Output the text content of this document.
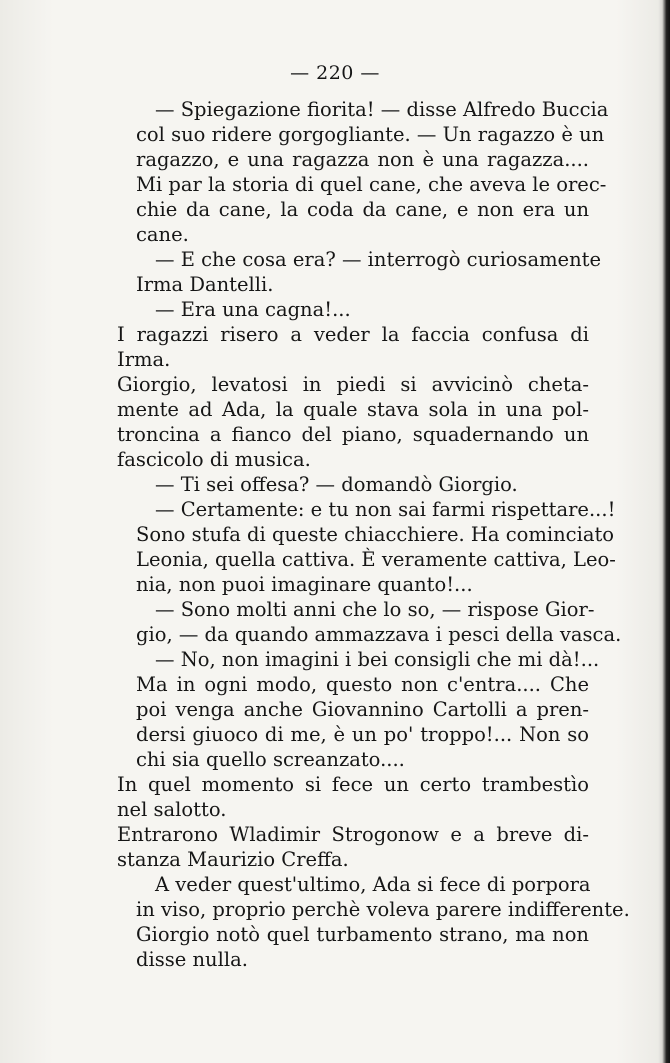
— 220 —

— Spiegazione fiorita! — disse Alfredo Buccia
col suo ridere gorgogliante. — Un ragazzo è un
ragazzo, e una ragazza non è una ragazza....
Mi par la storia di quel cane, che aveva le orec-
chie da cane, la coda da cane, e non era un
cane.

— E che cosa era? — interrogò curiosamente
Irma Dantelli.

— Era una cagna!...

I ragazzi risero a veder la faccia confusa di
Irma.

Giorgio, levatosi in piedi si avvicinò cheta-
mente ad Ada, la quale stava sola in una pol-
troncina a fianco del piano, squadernando un
fascicolo di musica.

— Ti sei offesa? — domandò Giorgio.

— Certamente: e tu non sai farmi rispettare...!
Sono stufa di queste chiacchiere. Ha cominciato
Leonia, quella cattiva. È veramente cattiva, Leo-
nia, non puoi imaginare quanto!...

— Sono molti anni che lo so, — rispose Gior-
gio, — da quando ammazzava i pesci della vasca.

— No, non imagini i bei consigli che mi dà!...
Ma in ogni modo, questo non c'entra.... Che
poi venga anche Giovannino Cartolli a pren-
dersi giuoco di me, è un po' troppo!... Non so
chi sia quello screanzato....

In quel momento si fece un certo trambestìo
nel salotto.

Entrarono Wladimir Strogonow e a breve di-
stanza Maurizio Creffa.

A veder quest'ultimo, Ada si fece di porpora
in viso, proprio perchè voleva parere indifferente.
Giorgio notò quel turbamento strano, ma non
disse nulla.
